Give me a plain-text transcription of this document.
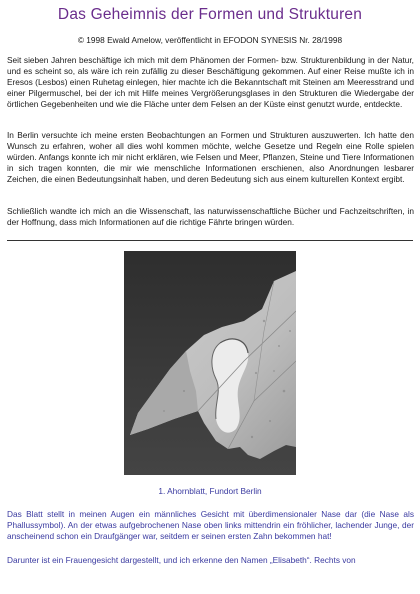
Das Geheimnis der Formen und Strukturen
© 1998 Ewald Amelow, veröffentlicht in EFODON SYNESIS Nr. 28/1998

Seit sieben Jahren beschäftige ich mich mit dem Phänomen der Formen- bzw. Strukturenbildung in der Natur, und es scheint so, als wäre ich rein zufällig zu dieser Beschäftigung gekommen. Auf einer Reise mußte ich in Eresos (Lesbos) einen Ruhetag einlegen, hier machte ich die Bekanntschaft mit Steinen am Meeresstrand und einer Pilgermuschel, bei der ich mit Hilfe meines Vergrößerungsglases in den Strukturen die Wiedergabe der örtlichen Gegebenheiten und wie die Fläche unter dem Felsen an der Küste einst genutzt wurde, entdeckte.

In Berlin versuchte ich meine ersten Beobachtungen an Formen und Strukturen auszuwerten. Ich hatte den Wunsch zu erfahren, woher all dies wohl kommen möchte, welche Gesetze und Regeln eine Rolle spielen würden. Anfangs konnte ich mir nicht erklären, wie Felsen und Meer, Pflanzen, Steine und Tiere Informationen in sich tragen konnten, die mir wie menschliche Informationen erschienen, also Anordnungen lesbarer Zeichen, die einen Bedeutungsinhalt haben, und deren Bedeutung sich aus einem kulturellen Kontext ergibt.

Schließlich wandte ich mich an die Wissenschaft, las naturwissenschaftliche Bücher und Fachzeitschriften, in der Hoffnung, dass mich Informationen auf die richtige Fährte bringen würden.

1. Ahornblatt, Fundort Berlin

Das Blatt stellt in meinen Augen ein männliches Gesicht mit überdimensionaler Nase dar (die Nase als Phallussymbol). An der etwas aufgebrochenen Nase oben links mittendrin ein fröhlicher, lachender Junge, der anscheinend schon ein Draufgänger war, seitdem er seinen ersten Zahn bekommen hat!

Darunter ist ein Frauengesicht dargestellt, und ich erkenne den Namen „Elisabeth“. Rechts von
